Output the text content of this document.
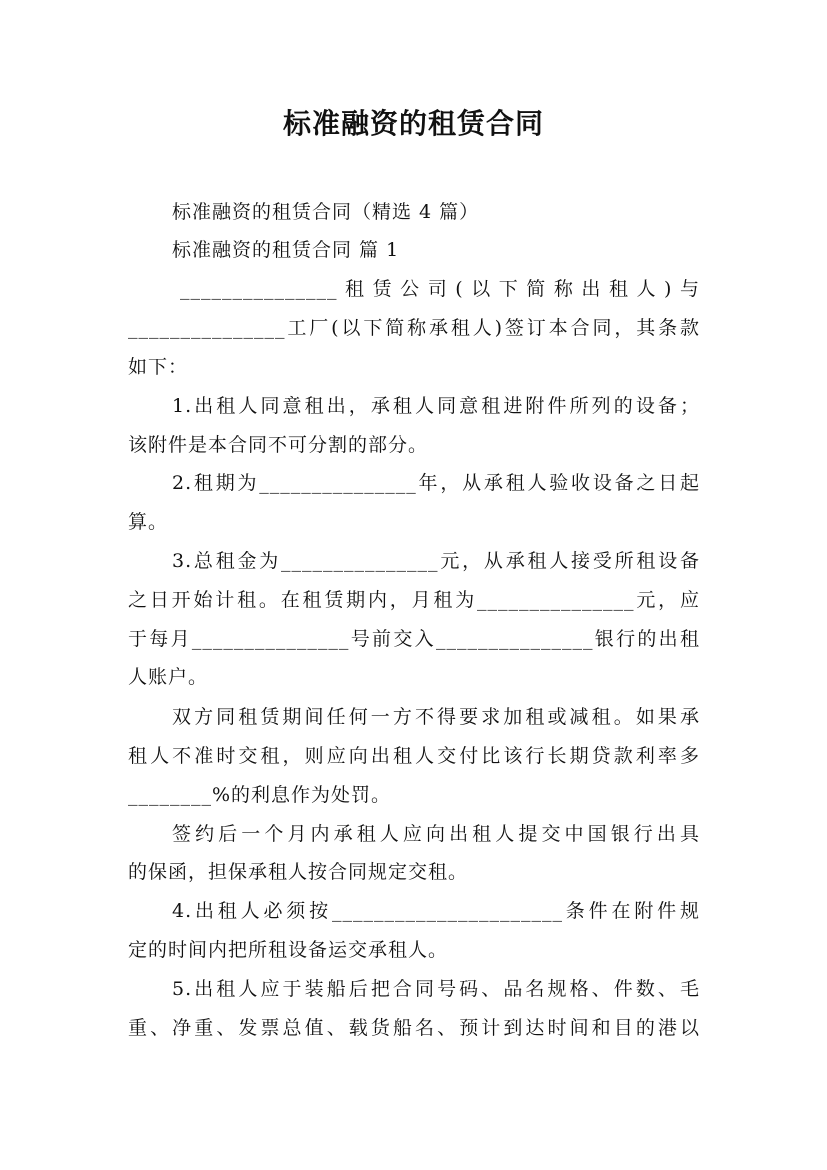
标准融资的租赁合同
标准融资的租赁合同（精选 4 篇）
标准融资的租赁合同 篇 1
_______________租赁公司(以下简称出租人)与
_______________工厂(以下简称承租人)签订本合同，其条款
如下：
1.出租人同意租出，承租人同意租进附件所列的设备；
该附件是本合同不可分割的部分。
2.租期为_______________年，从承租人验收设备之日起
算。
3.总租金为_______________元，从承租人接受所租设备
之日开始计租。在租赁期内，月租为_______________元，应
于每月_______________号前交入_______________银行的出租
人账户。
双方同租赁期间任何一方不得要求加租或减租。如果承
租人不准时交租，则应向出租人交付比该行长期贷款利率多
________%的利息作为处罚。
签约后一个月内承租人应向出租人提交中国银行出具
的保函，担保承租人按合同规定交租。
4.出租人必须按______________________条件在附件规
定的时间内把所租设备运交承租人。
5.出租人应于装船后把合同号码、品名规格、件数、毛
重、净重、发票总值、载货船名、预计到达时间和目的港以
